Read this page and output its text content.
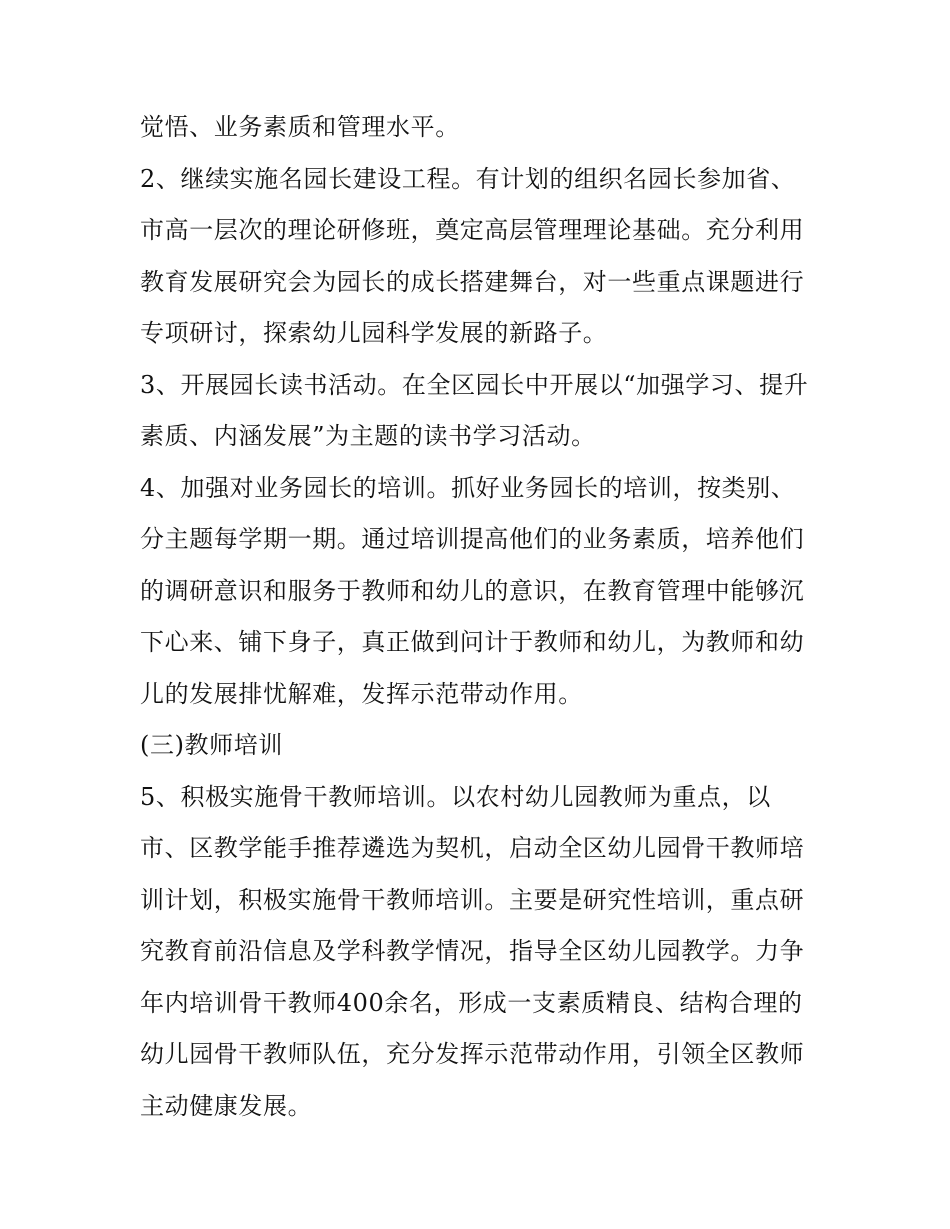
觉悟、业务素质和管理水平。
2、继续实施名园长建设工程。有计划的组织名园长参加省、
市高一层次的理论研修班，奠定高层管理理论基础。充分利用
教育发展研究会为园长的成长搭建舞台，对一些重点课题进行
专项研讨，探索幼儿园科学发展的新路子。
3、开展园长读书活动。在全区园长中开展以“加强学习、提升
素质、内涵发展”为主题的读书学习活动。
4、加强对业务园长的培训。抓好业务园长的培训，按类别、
分主题每学期一期。通过培训提高他们的业务素质，培养他们
的调研意识和服务于教师和幼儿的意识，在教育管理中能够沉
下心来、铺下身子，真正做到问计于教师和幼儿，为教师和幼
儿的发展排忧解难，发挥示范带动作用。
(三)教师培训
5、积极实施骨干教师培训。以农村幼儿园教师为重点，以
市、区教学能手推荐遴选为契机，启动全区幼儿园骨干教师培
训计划，积极实施骨干教师培训。主要是研究性培训，重点研
究教育前沿信息及学科教学情况，指导全区幼儿园教学。力争
年内培训骨干教师400余名，形成一支素质精良、结构合理的
幼儿园骨干教师队伍，充分发挥示范带动作用，引领全区教师
主动健康发展。
